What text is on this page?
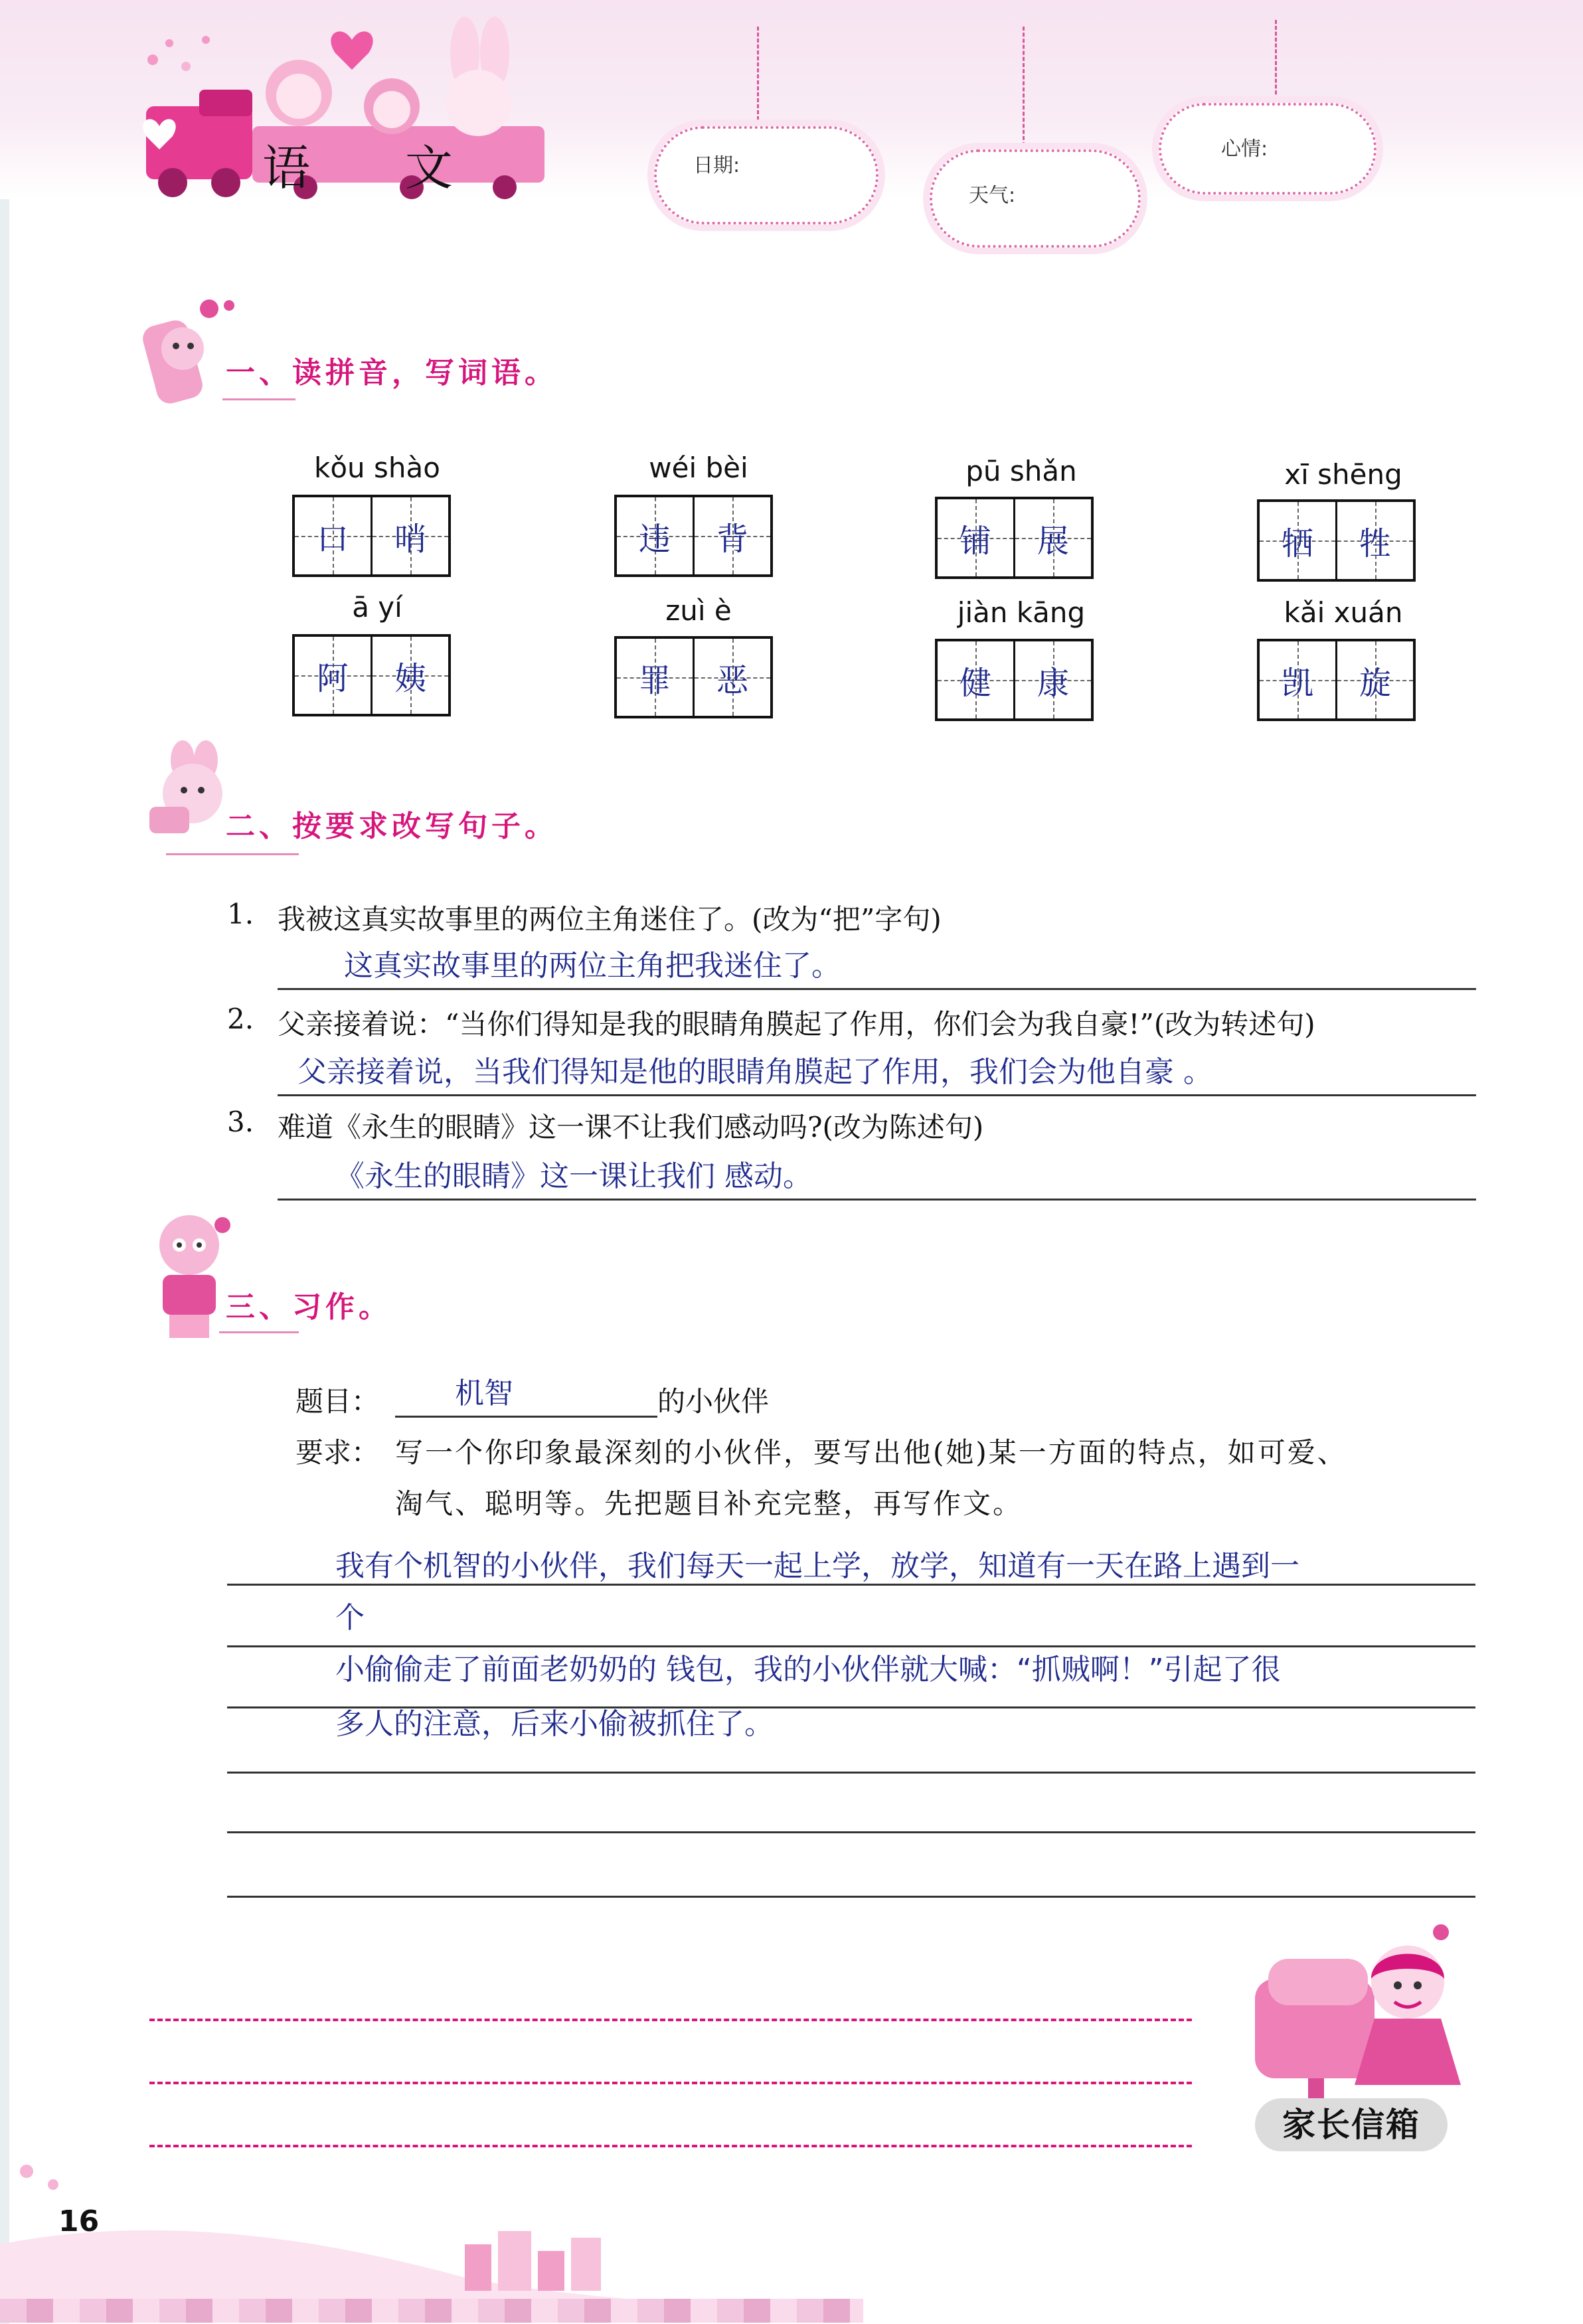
语 文	日期:
天气:
心情:
一、读拼音，写词语。
kǒu shào
口 哨
wéi bèi
违 背
pū shǎn
铺 展
xī shēng
牺 牲
ā yí
阿 姨
zuì è
罪 恶
jiàn kāng
健 康
kǎi xuán
凯 旋
二、按要求改写句子。
1. 我被这真实故事里的两位主角迷住了。(改为“把”字句)
这真实故事里的两位主角把我迷住了。
2. 父亲接着说：“当你们得知是我的眼睛角膜起了作用，你们会为我自豪!”(改为转述句)
父亲接着说，当我们得知是他的眼睛角膜起了作用，我们会为他自豪 。
3. 难道《永生的眼睛》这一课不让我们感动吗?(改为陈述句)
《永生的眼睛》这一课让我们 感动。
三、习作。
题目：	机智	的小伙伴
要求： 写一个你印象最深刻的小伙伴，要写出他(她)某一方面的特点，如可爱、
淘气、聪明等。先把题目补充完整，再写作文。
我有个机智的小伙伴，我们每天一起上学，放学，知道有一天在路上遇到一
个
小偷偷走了前面老奶奶的 钱包，我的小伙伴就大喊：“抓贼啊！”引起了很
多人的注意，后来小偷被抓住了。
家长信箱
16
